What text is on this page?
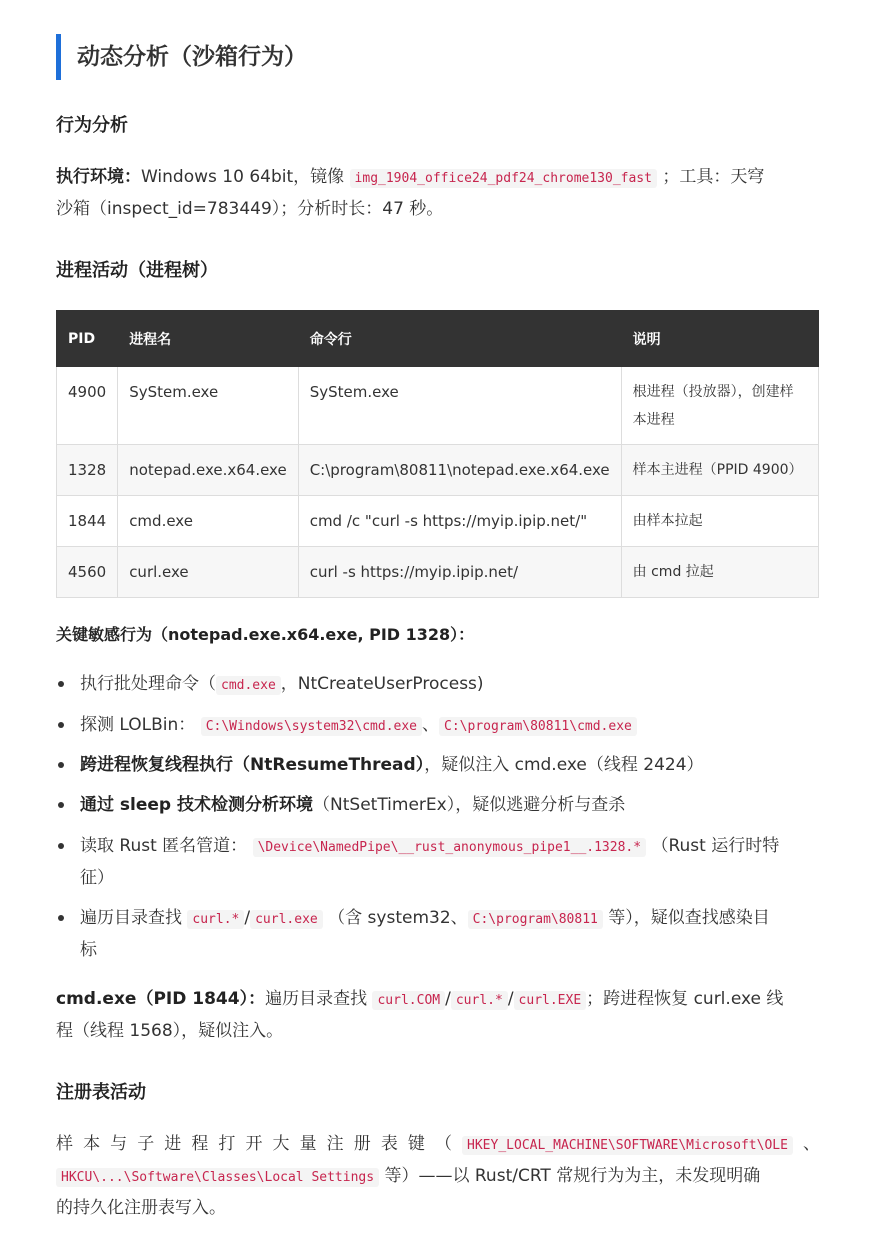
动态分析（沙箱行为）
行为分析
执行环境：Windows 10 64bit，镜像 img_1904_office24_pdf24_chrome130_fast ；工具：天穹
沙箱（inspect_id=783449）；分析时长：47 秒。
进程活动（进程树）
PID	进程名	命令行	说明
4900	SyStem.exe	SyStem.exe	根进程（投放器），创建样
本进程

1328	notepad.exe.x64.exe	C:\program\80811\notepad.exe.x64.exe	样本主进程（PPID 4900）
1844	cmd.exe	cmd /c "curl -s https://myip.ipip.net/"	由样本拉起
4560	curl.exe	curl -s https://myip.ipip.net/	由 cmd 拉起
关键敏感行为（notepad.exe.x64.exe, PID 1328）：
执行批处理命令（ cmd.exe ，NtCreateUserProcess)
探测 LOLBin： C:\Windows\system32\cmd.exe 、 C:\program\80811\cmd.exe
跨进程恢复线程执行（NtResumeThread），疑似注入 cmd.exe（线程 2424）
通过 sleep 技术检测分析环境（NtSetTimerEx），疑似逃避分析与查杀
读取 Rust 匿名管道： \Device\NamedPipe\__rust_anonymous_pipe1__.1328.* （Rust 运行时特
征）
遍历目录查找 curl.* / curl.exe （含 system32、 C:\program\80811 等），疑似查找感染目
标
cmd.exe（PID 1844）：遍历目录查找 curl.COM / curl.* / curl.EXE ；跨进程恢复 curl.exe 线
程（线程 1568），疑似注入。
注册表活动
样本与子进程打开大量注册表键（ HKEY_LOCAL_MACHINE\SOFTWARE\Microsoft\OLE 、
HKCU\...\Software\Classes\Local Settings 等）——以 Rust/CRT 常规行为为主，未发现明确
的持久化注册表写入。
